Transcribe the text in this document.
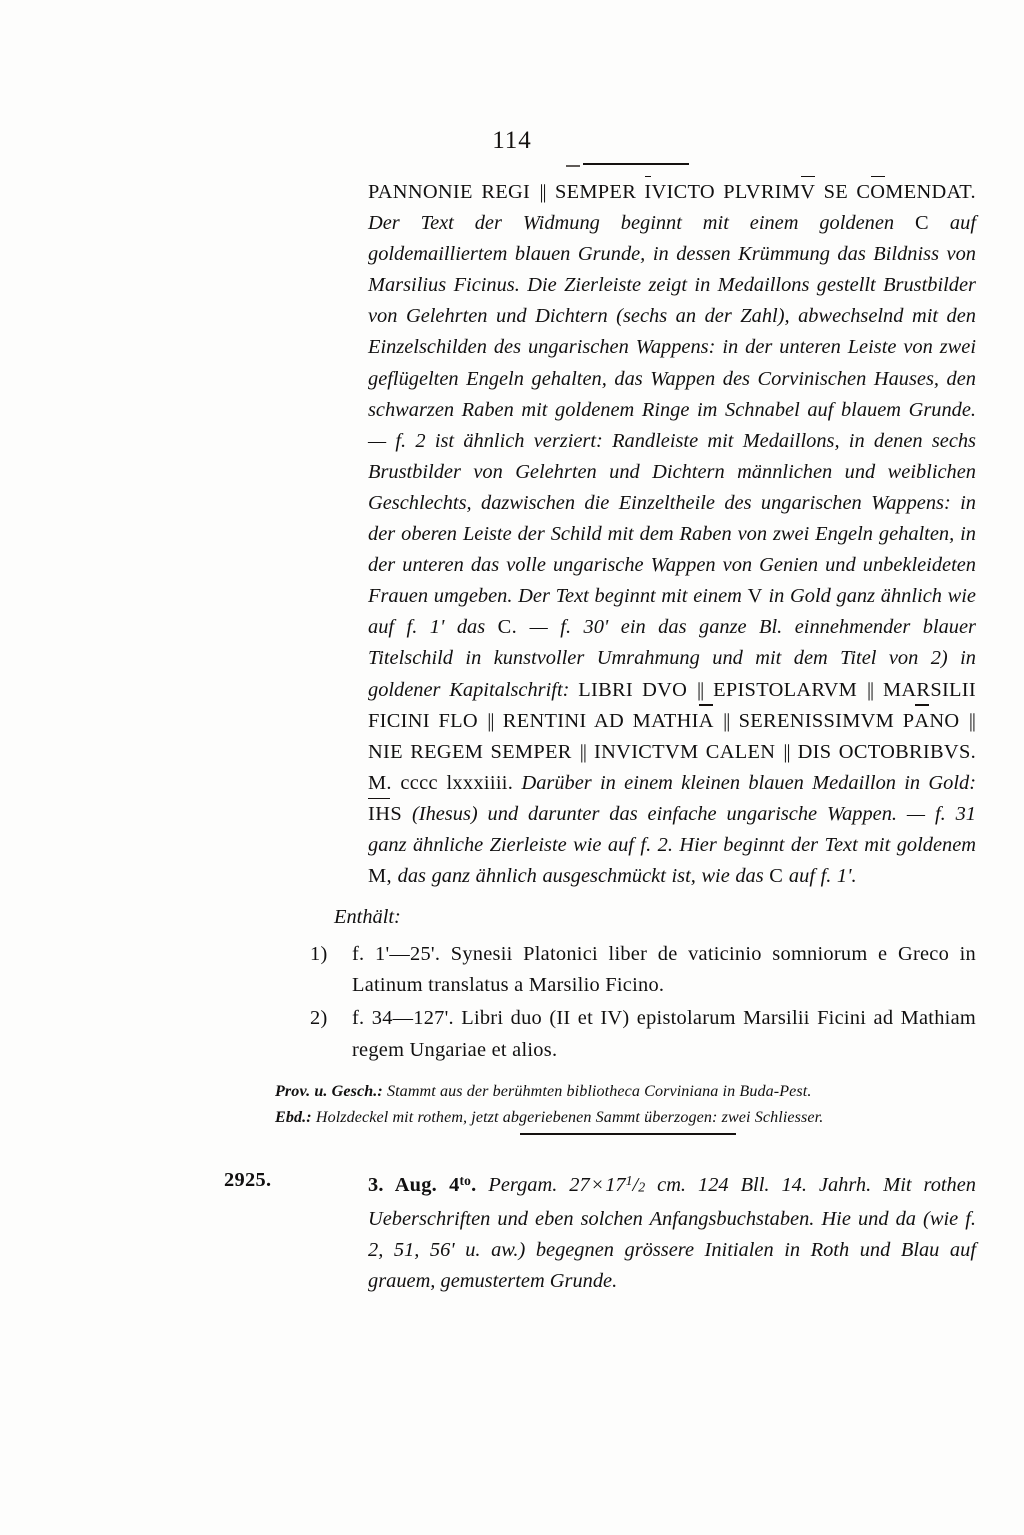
114

PANNONIE REGI || SEMPER IVICTO PLVRIMV SE COMENDAT. Der Text der Widmung beginnt mit einem goldenen C auf goldemailliertem blauen Grunde, in dessen Krümmung das Bildniss von Marsilius Ficinus. Die Zierleiste zeigt in Medaillons gestellt Brustbilder von Gelehrten und Dichtern (sechs an der Zahl), abwechselnd mit den Einzelschilden des ungarischen Wappens: in der unteren Leiste von zwei geflügelten Engeln gehalten, das Wappen des Corvinischen Hauses, den schwarzen Raben mit goldenem Ringe im Schnabel auf blauem Grunde. — f. 2 ist ähnlich verziert: Randleiste mit Medaillons, in denen sechs Brustbilder von Gelehrten und Dichtern männlichen und weiblichen Geschlechts, dazwischen die Einzeltheile des ungarischen Wappens: in der oberen Leiste der Schild mit dem Raben von zwei Engeln gehalten, in der unteren das volle ungarische Wappen von Genien und unbekleideten Frauen umgeben. Der Text beginnt mit einem V in Gold ganz ähnlich wie auf f. 1' das C. — f. 30' ein das ganze Bl. einnehmender blauer Titelschild in kunstvoller Umrahmung und mit dem Titel von 2) in goldener Kapitalschrift: LIBRI DVO || EPISTOLARVM || MARSILII FICINI FLO || RENTINI AD MATHIA || SERENISSIMVM PANO || NIE REGEM SEMPER || INVICTVM CALEN || DIS OCTOBRIBVS. M. cccc lxxxiiii. Darüber in einem kleinen blauen Medaillon in Gold: IHS (Ihesus) und darunter das einfache ungarische Wappen. — f. 31 ganz ähnliche Zierleiste wie auf f. 2. Hier beginnt der Text mit goldenem M, das ganz ähnlich ausgeschmückt ist, wie das C auf f. 1'.

Enthält:
1) f. 1'—25'. Synesii Platonici liber de vaticinio somniorum e Greco in Latinum translatus a Marsilio Ficino.
2) f. 34—127'. Libri duo (II et IV) epistolarum Marsilii Ficini ad Mathiam regem Ungariae et alios.

Prov. u. Gesch.: Stammt aus der berühmten bibliotheca Corviniana in Buda-Pest.

Ebd.: Holzdeckel mit rothem, jetzt abgeriebenen Sammt überzogen: zwei Schliesser.

2925.	3. Aug. $4^{to}$. Pergam. $27\times 17^1/2$ cm. 124 Bll. 14. Jahrh. Mit rothen Ueberschriften und eben solchen Anfangsbuchstaben. Hie und da (wie f. 2, 51, 56' u. aw.) begegnen grössere Initialen in Roth und Blau auf grauem, gemustertem Grunde.
